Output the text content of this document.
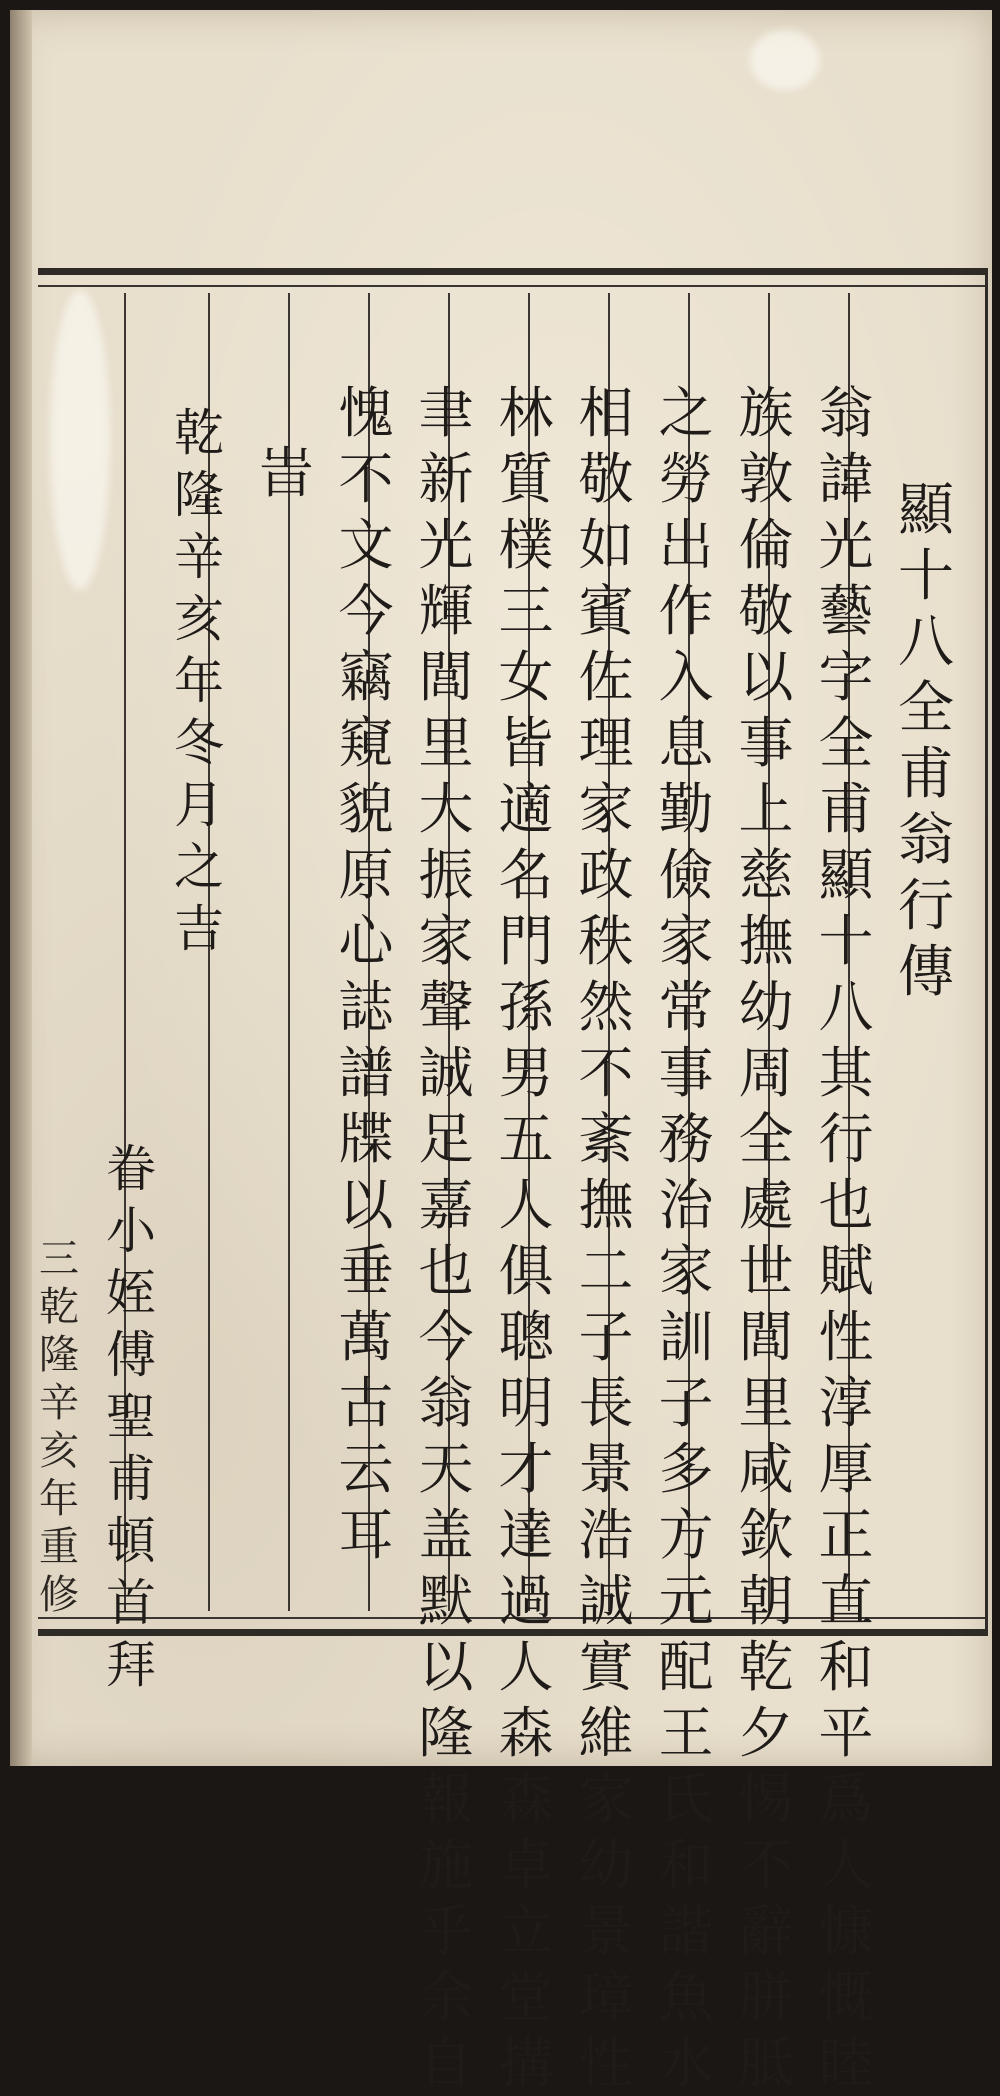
顯十八全甫翁行傳
翁諱光藝字全甫顯十八其行也賦性淳厚正直和平爲人慷慨睦
族敦倫敬以事上慈撫幼周全處世閭里咸欽朝乾夕惕不辭胼胝
之勞出作入息勤儉家常事務治家訓子多方元配王氏和諧魚水
相敬如賓佐理家政秩然不紊撫二子長景浩誠實維家幼景璋性
林質樸三女皆適名門孫男五人俱聰明才達過人森森卓立堂搆
聿新光輝閭里大振家聲誠足嘉也今翁天盖默以隆報施乎余自
愧不文今竊窺貌原心誌譜牒以垂萬古云耳
旹
眷小姪傅聖甫頓首拜
乾隆辛亥年冬月之吉
三乾隆辛亥年重修
